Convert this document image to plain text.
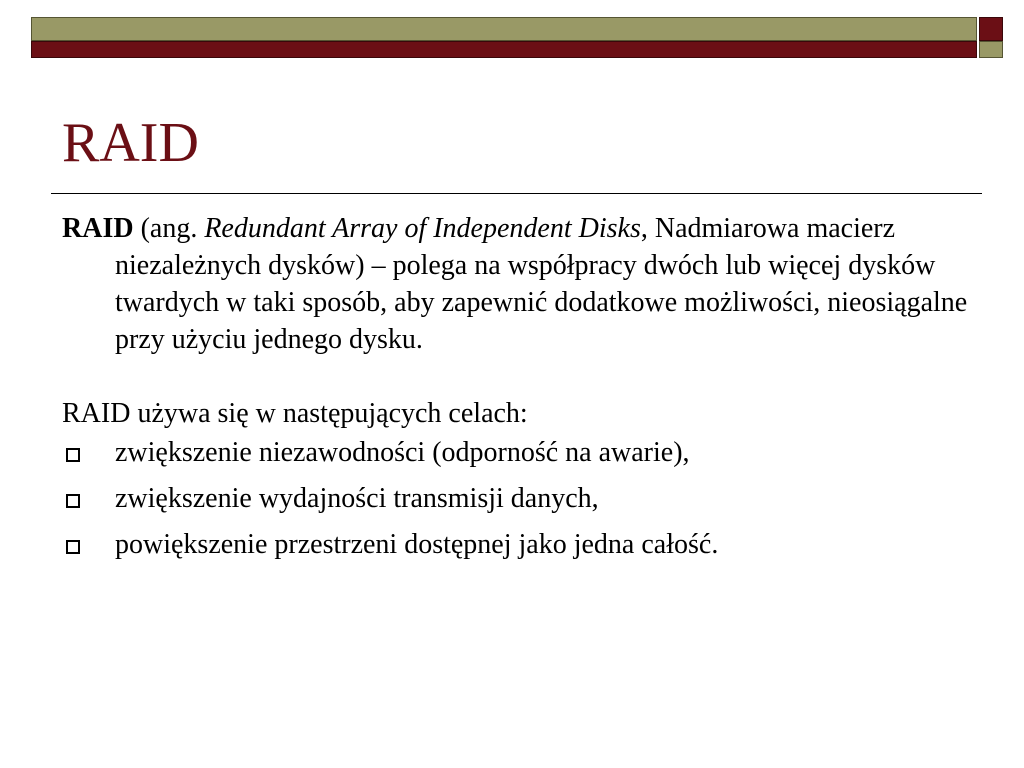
RAID

RAID (ang. Redundant Array of Independent Disks, Nadmiarowa macierz niezależnych dysków) – polega na współpracy dwóch lub więcej dysków twardych w taki sposób, aby zapewnić dodatkowe możliwości, nieosiągalne przy użyciu jednego dysku.

RAID używa się w następujących celach:

zwiększenie niezawodności (odporność na awarie),
zwiększenie wydajności transmisji danych,
powiększenie przestrzeni dostępnej jako jedna całość.
